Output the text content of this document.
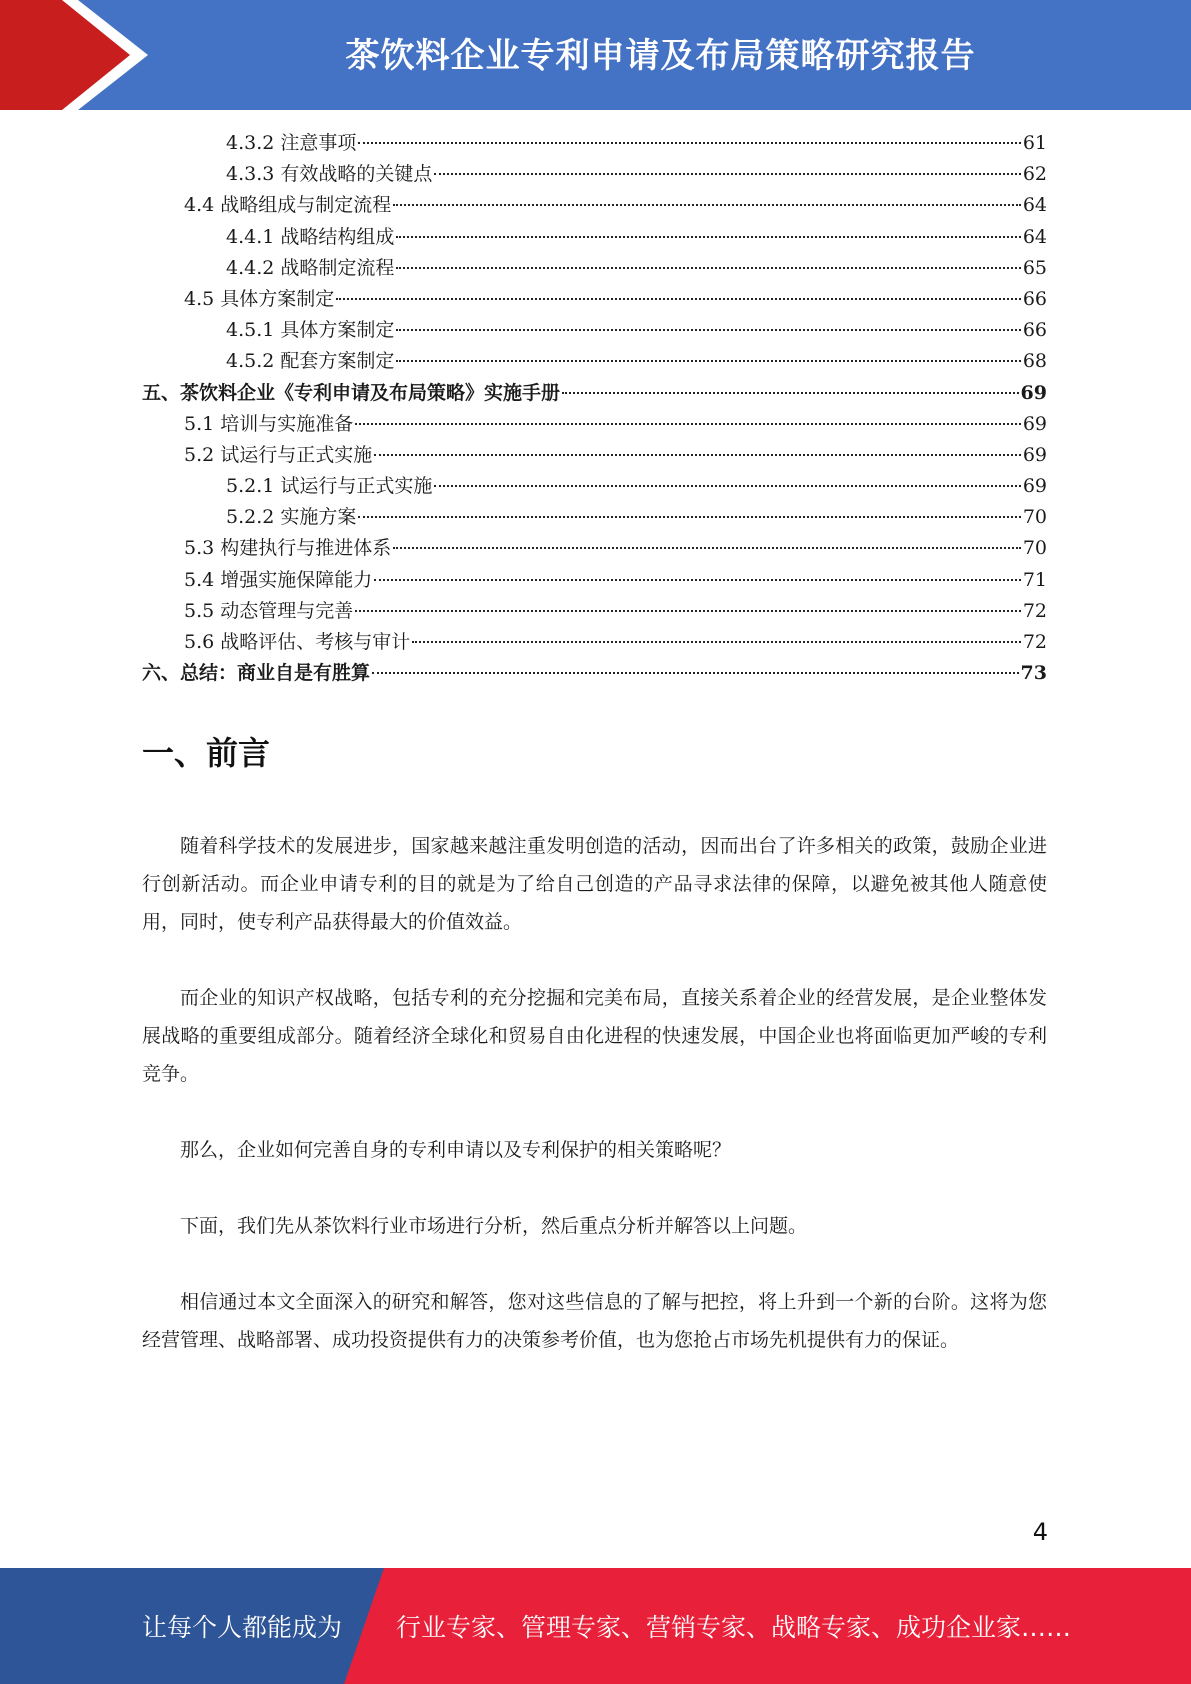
茶饮料企业专利申请及布局策略研究报告
4.3.2 注意事项	61
4.3.3 有效战略的关键点	62
4.4 战略组成与制定流程	64
4.4.1 战略结构组成	64
4.4.2 战略制定流程	65
4.5 具体方案制定	66
4.5.1 具体方案制定	66
4.5.2 配套方案制定	68
五、茶饮料企业《专利申请及布局策略》实施手册	69
5.1 培训与实施准备	69
5.2 试运行与正式实施	69
5.2.1 试运行与正式实施	69
5.2.2 实施方案	70
5.3 构建执行与推进体系	70
5.4 增强实施保障能力	71
5.5 动态管理与完善	72
5.6 战略评估、考核与审计	72
六、总结：商业自是有胜算	73
一、前言

随着科学技术的发展进步，国家越来越注重发明创造的活动，因而出台了许多相关的政策，鼓励企业进行创新活动。而企业申请专利的目的就是为了给自己创造的产品寻求法律的保障，以避免被其他人随意使用，同时，使专利产品获得最大的价值效益。

而企业的知识产权战略，包括专利的充分挖掘和完美布局，直接关系着企业的经营发展，是企业整体发展战略的重要组成部分。随着经济全球化和贸易自由化进程的快速发展，中国企业也将面临更加严峻的专利竞争。

那么，企业如何完善自身的专利申请以及专利保护的相关策略呢？

下面，我们先从茶饮料行业市场进行分析，然后重点分析并解答以上问题。

相信通过本文全面深入的研究和解答，您对这些信息的了解与把控，将上升到一个新的台阶。这将为您经营管理、战略部署、成功投资提供有力的决策参考价值，也为您抢占市场先机提供有力的保证。

4
让每个人都能成为 行业专家、管理专家、营销专家、战略专家、成功企业家……
